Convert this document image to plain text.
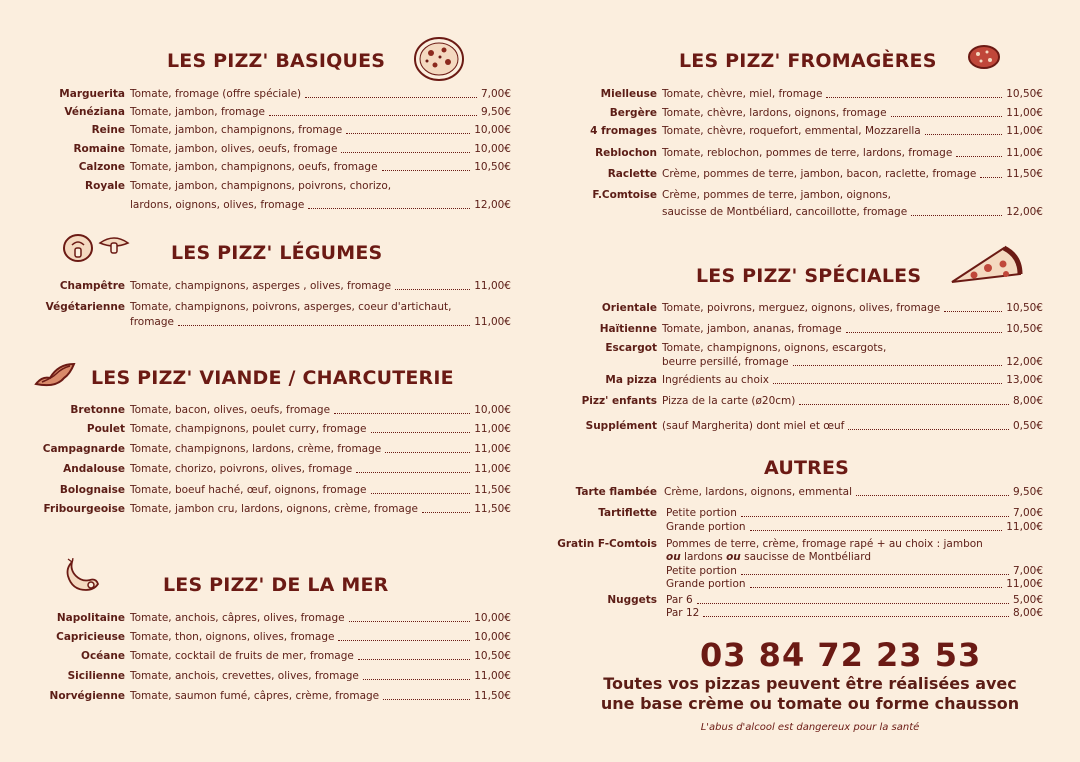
LES PIZZ' BASIQUES
Marguerita Tomate, fromage (offre spéciale)	7,00€
Vénéziana Tomate, jambon, fromage	9,50€
Reine Tomate, jambon, champignons, fromage	10,00€
Romaine Tomate, jambon, olives, oeufs, fromage	10,00€
Calzone Tomate, jambon, champignons, oeufs, fromage	10,50€
Royale Tomate, jambon, champignons, poivrons, chorizo,
lardons, oignons, olives, fromage	12,00€
LES PIZZ' LÉGUMES
Champêtre Tomate, champignons, asperges , olives, fromage	11,00€
Végétarienne Tomate, champignons, poivrons, asperges, coeur d'artichaut,
fromage	11,00€
LES PIZZ' VIANDE / CHARCUTERIE
Bretonne Tomate, bacon, olives, oeufs, fromage	10,00€
Poulet Tomate, champignons, poulet curry, fromage	11,00€
Campagnarde Tomate, champignons, lardons, crème, fromage	11,00€
Andalouse Tomate, chorizo, poivrons, olives, fromage	11,00€
Bolognaise Tomate, boeuf haché, œuf, oignons, fromage	11,50€
Fribourgeoise Tomate, jambon cru, lardons, oignons, crème, fromage	11,50€
LES PIZZ' DE LA MER
Napolitaine Tomate, anchois, câpres, olives, fromage	10,00€
Capricieuse Tomate, thon, oignons, olives, fromage	10,00€
Océane Tomate, cocktail de fruits de mer, fromage	10,50€
Sicilienne Tomate, anchois, crevettes, olives, fromage	11,00€
Norvégienne Tomate, saumon fumé, câpres, crème, fromage	11,50€
LES PIZZ' FROMAGÈRES
Mielleuse Tomate, chèvre, miel, fromage	10,50€
Bergère Tomate, chèvre, lardons, oignons, fromage	11,00€
4 fromages Tomate, chèvre, roquefort, emmental, Mozzarella	11,00€
Reblochon Tomate, reblochon, pommes de terre, lardons, fromage	11,00€
Raclette Crème, pommes de terre, jambon, bacon, raclette, fromage	11,50€
F.Comtoise Crème, pommes de terre, jambon, oignons,
saucisse de Montbéliard, cancoillotte, fromage	12,00€
LES PIZZ' SPÉCIALES
Orientale Tomate, poivrons, merguez, oignons, olives, fromage	10,50€
Haïtienne Tomate, jambon, ananas, fromage	10,50€
Escargot Tomate, champignons, oignons, escargots,
beurre persillé, fromage	12,00€
Ma pizza Ingrédients au choix	13,00€
Pizz' enfants Pizza de la carte (ø20cm)	8,00€
Supplément (sauf Margherita) dont miel et œuf	0,50€
AUTRES
Tarte flambée Crème, lardons, oignons, emmental	9,50€
Tartiflette Petite portion	7,00€
Grande portion	11,00€
Gratin F-Comtois Pommes de terre, crème, fromage rapé + au choix : jambon
ou lardons ou saucisse de Montbéliard
Petite portion	7,00€
Grande portion	11,00€
Nuggets Par 6	5,00€
Par 12	8,00€
03 84 72 23 53
Toutes vos pizzas peuvent être réalisées avec
une base crème ou tomate ou forme chausson
L'abus d'alcool est dangereux pour la santé
